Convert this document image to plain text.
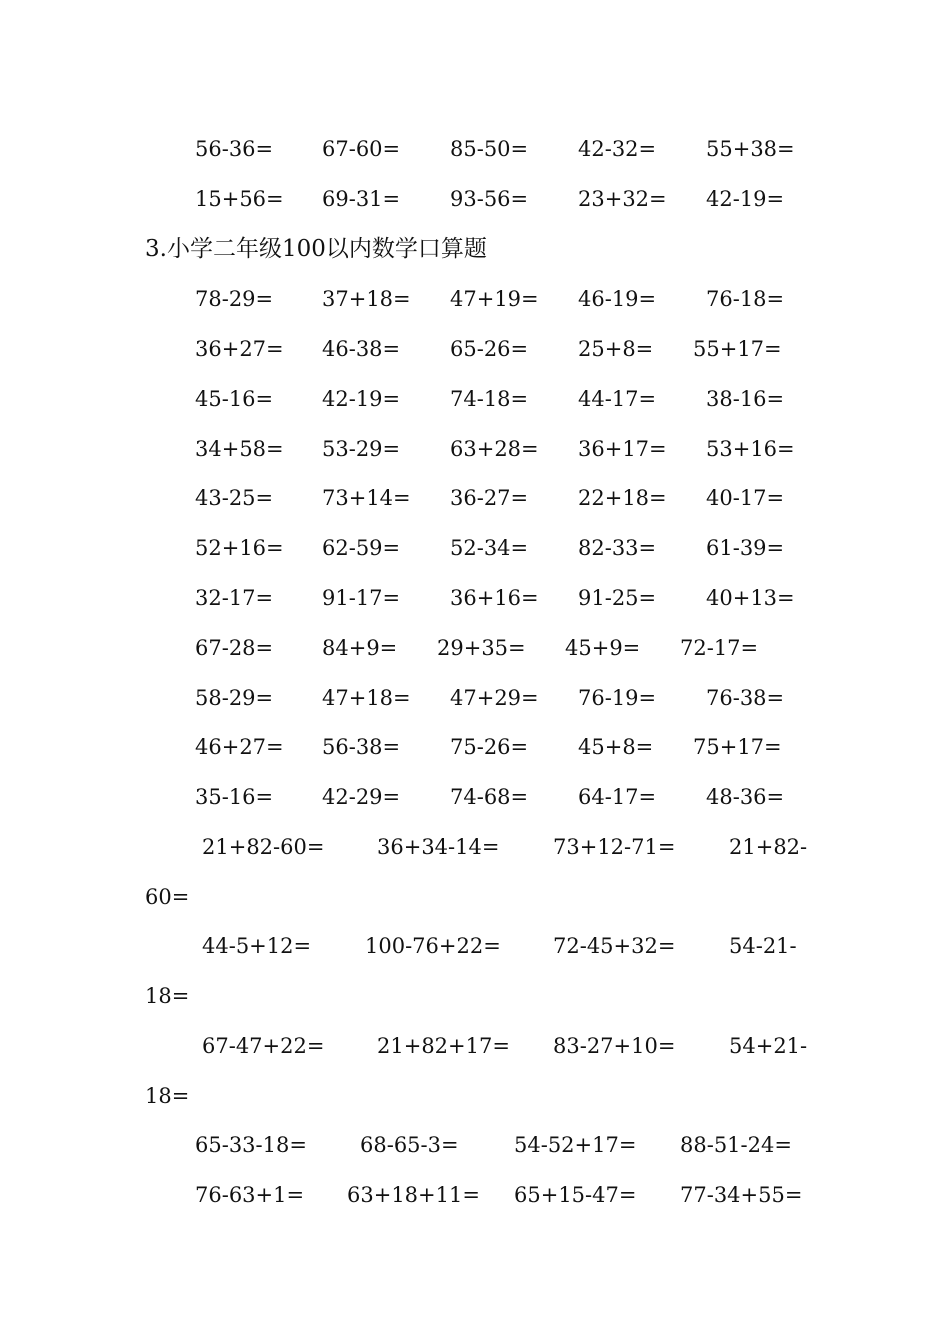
56-36= 67-60= 85-50= 42-32= 55+38=
15+56= 69-31= 93-56= 23+32= 42-19=
3.小学二年级100以内数学口算题
78-29= 37+18= 47+19= 46-19= 76-18=
36+27= 46-38= 65-26= 25+8= 55+17=
45-16= 42-19= 74-18= 44-17= 38-16=
34+58= 53-29= 63+28= 36+17= 53+16=
43-25= 73+14= 36-27= 22+18= 40-17=
52+16= 62-59= 52-34= 82-33= 61-39=
32-17= 91-17= 36+16= 91-25= 40+13=
67-28= 84+9= 29+35= 45+9= 72-17=
58-29= 47+18= 47+29= 76-19= 76-38=
46+27= 56-38= 75-26= 45+8= 75+17=
35-16= 42-29= 74-68= 64-17= 48-36=
21+82-60=	36+34-14=	73+12-71=	21+82-
60=
44-5+12=	100-76+22= 72-45+32=	54-21-
18=
67-47+22=	21+82+17= 83-27+10=	54+21-
18=
65-33-18=	68-65-3=	54-52+17= 88-51-24=
76-63+1= 63+18+11= 65+15-47= 77-34+55=
